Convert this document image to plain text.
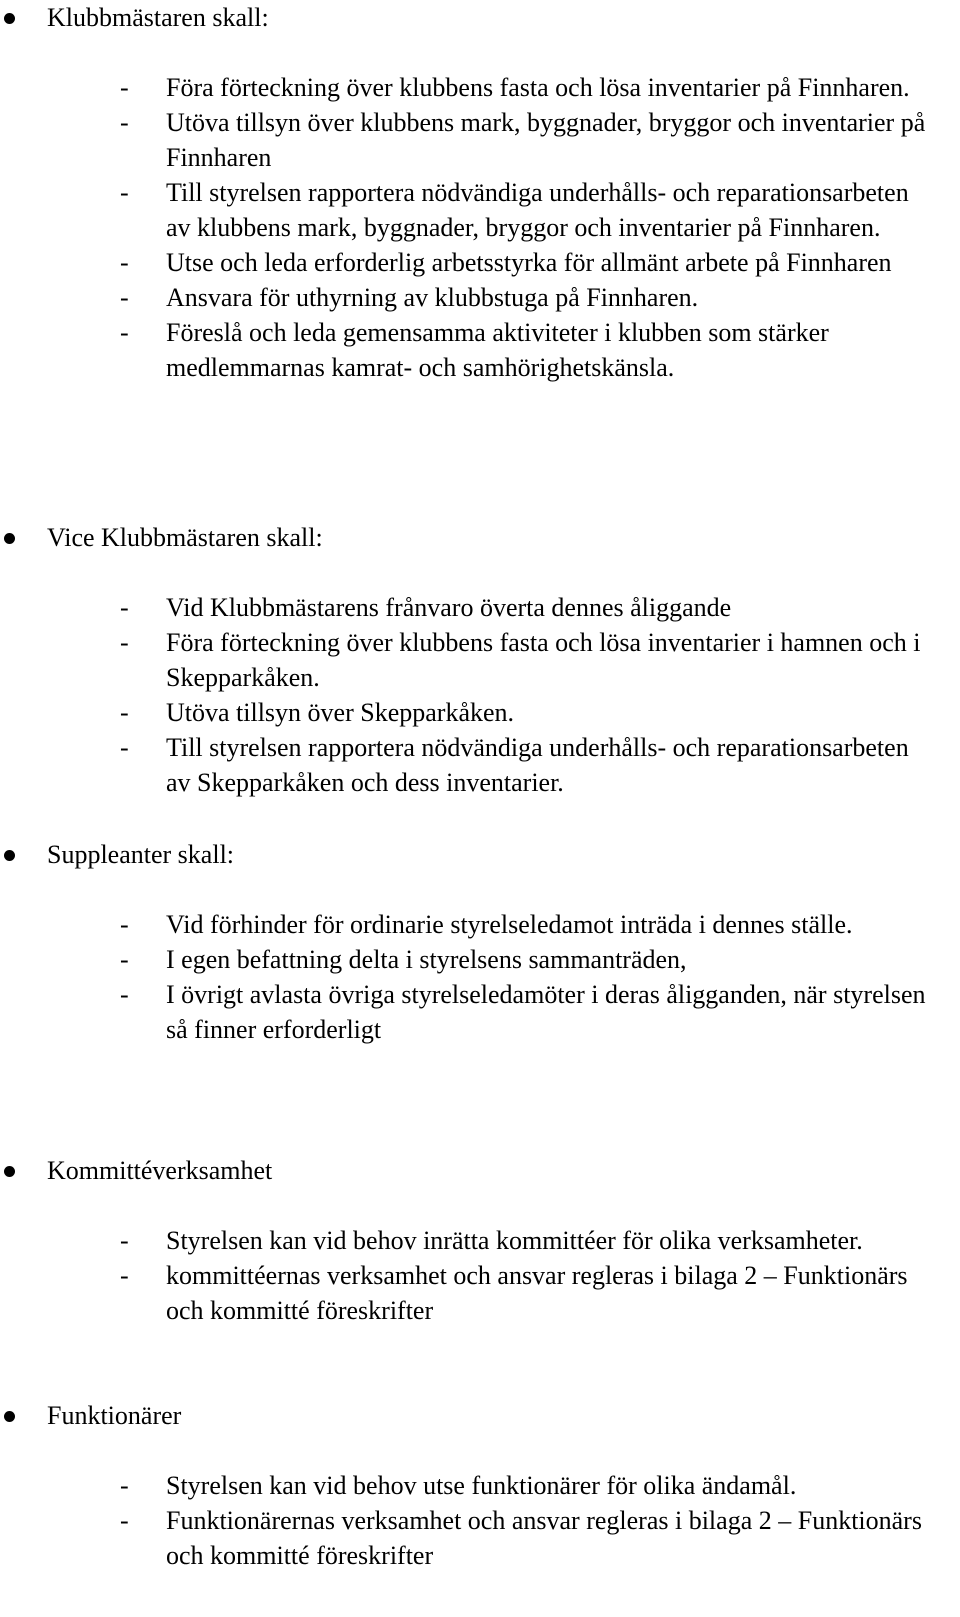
Klubbmästaren skall:
- Föra förteckning över klubbens fasta och lösa inventarier på Finnharen.
- Utöva tillsyn över klubbens mark, byggnader, bryggor och inventarier på Finnharen
- Till styrelsen rapportera nödvändiga underhålls- och reparationsarbeten av klubbens mark, byggnader, bryggor och inventarier på Finnharen.
- Utse och leda erforderlig arbetsstyrka för allmänt arbete på Finnharen
- Ansvara för uthyrning av klubbstuga på Finnharen.
- Föreslå och leda gemensamma aktiviteter i klubben som stärker medlemmarnas kamrat- och samhörighetskänsla.
Vice Klubbmästaren skall:
- Vid Klubbmästarens frånvaro överta dennes åliggande
- Föra förteckning över klubbens fasta och lösa inventarier i hamnen och i Skepparkåken.
- Utöva tillsyn över Skepparkåken.
- Till styrelsen rapportera nödvändiga underhålls- och reparationsarbeten av Skepparkåken och dess inventarier.
Suppleanter skall:
- Vid förhinder för ordinarie styrelseledamot inträda i dennes ställe.
- I egen befattning delta i styrelsens sammanträden,
- I övrigt avlasta övriga styrelseledamöter i deras åligganden, när styrelsen så finner erforderligt
Kommittéverksamhet
- Styrelsen kan vid behov inrätta kommittéer för olika verksamheter.
- kommittéernas verksamhet och ansvar regleras i bilaga 2 – Funktionärs och kommitté föreskrifter
Funktionärer
- Styrelsen kan vid behov utse funktionärer för olika ändamål.
- Funktionärernas verksamhet och ansvar regleras i bilaga 2 – Funktionärs och kommitté föreskrifter
